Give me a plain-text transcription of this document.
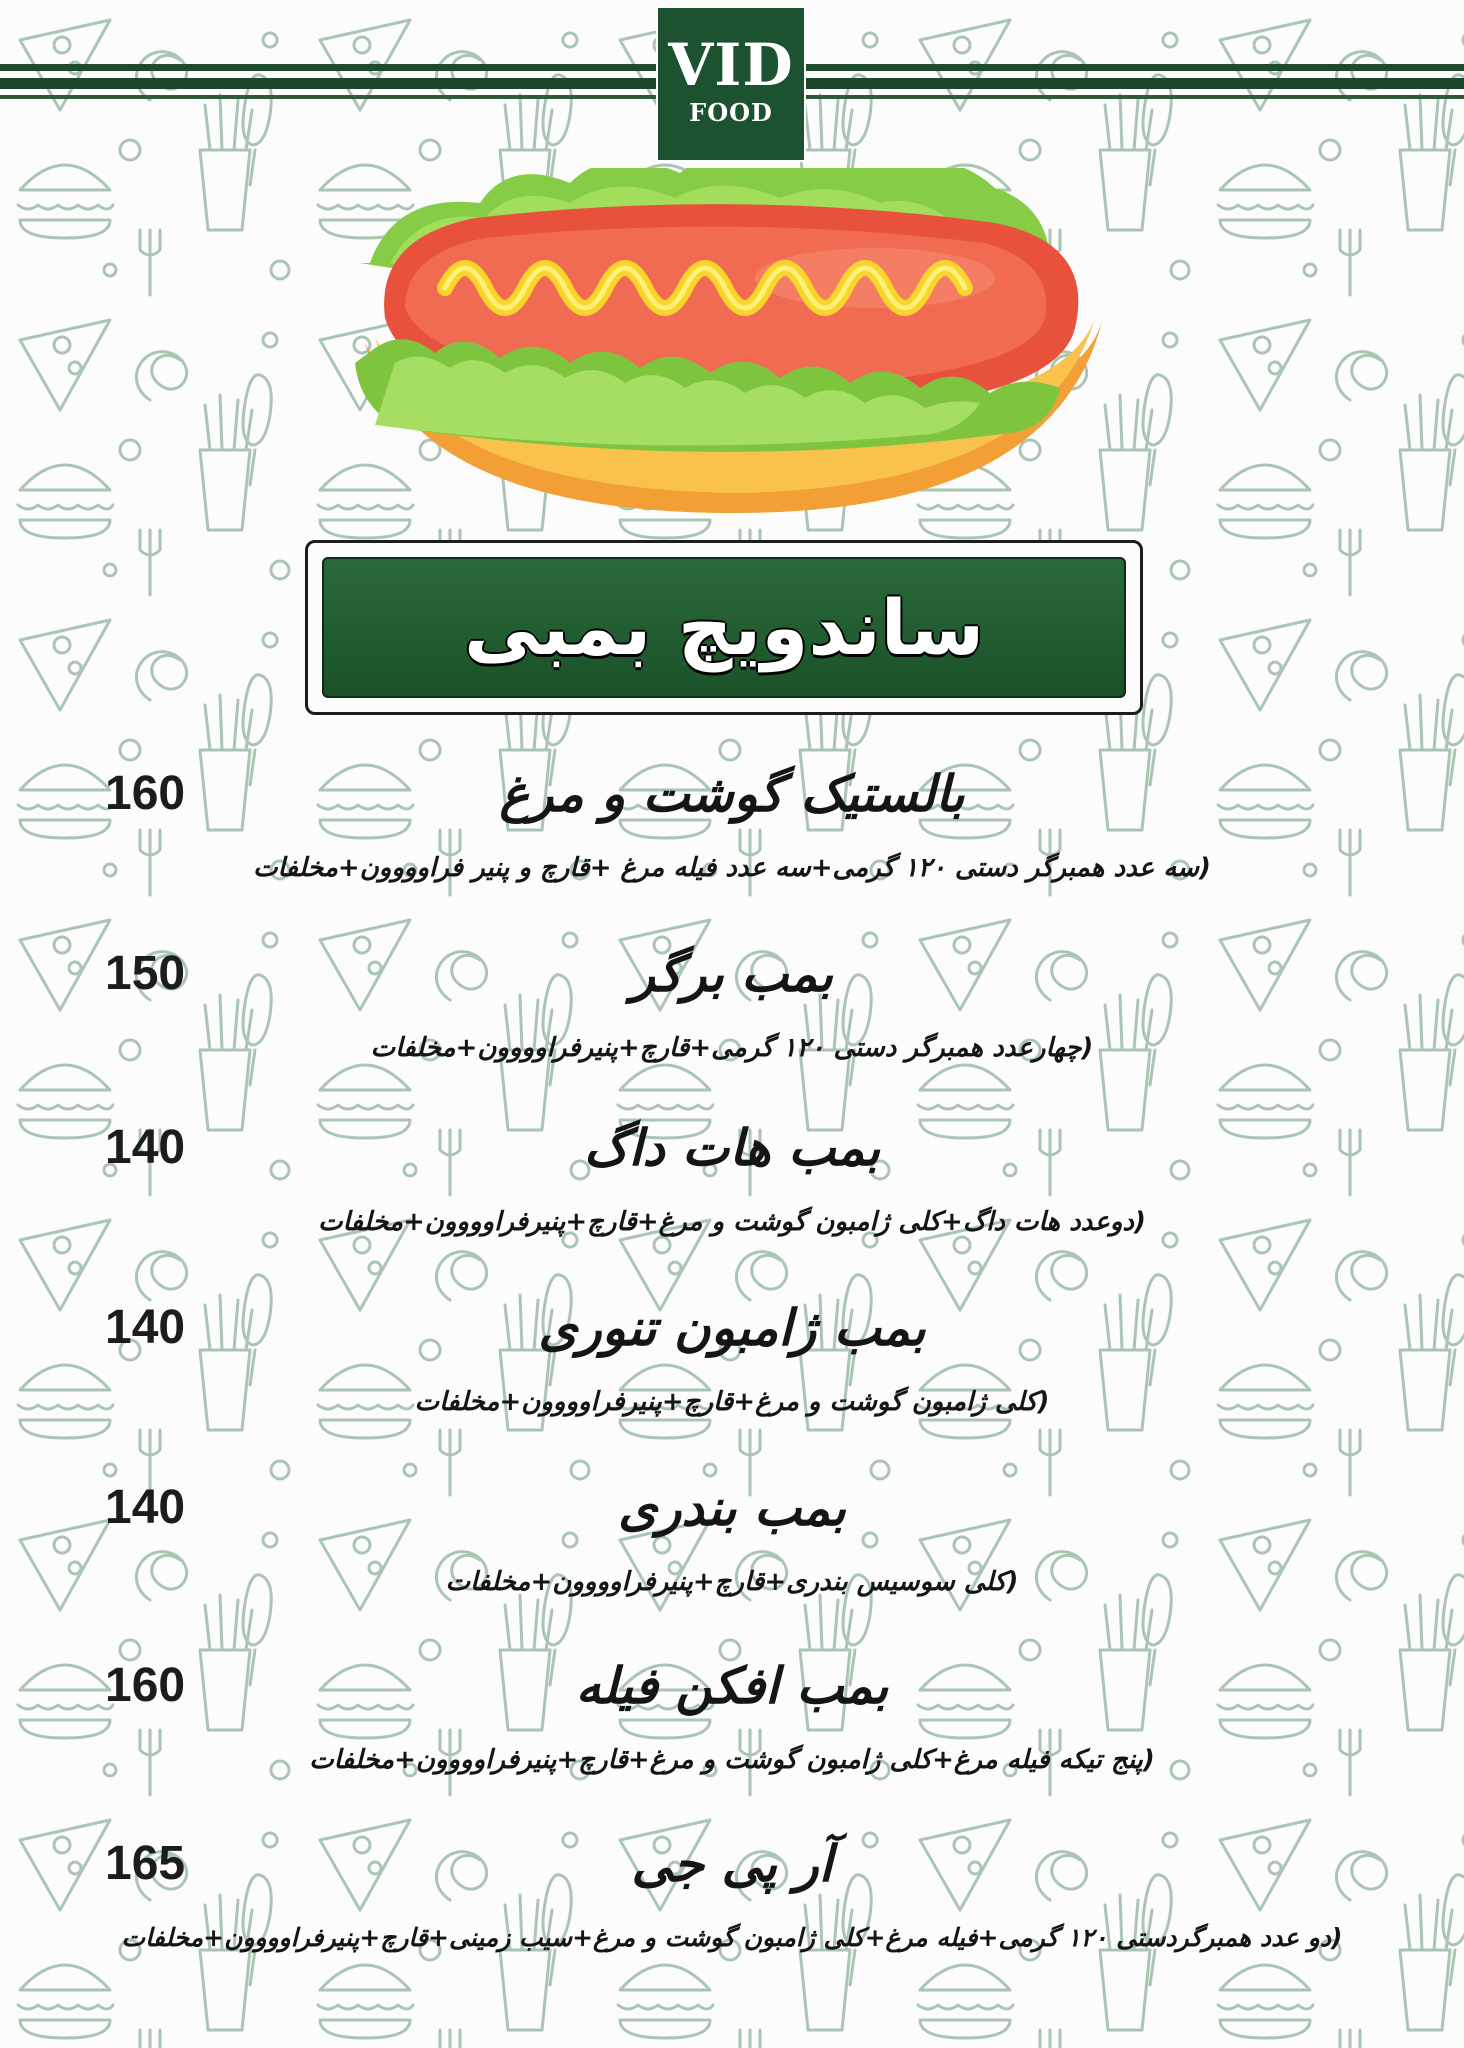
VID
FOOD
ساندویچ بمبی
160	بالستیک گوشت و مرغ
(سه عدد همبرگر دستی ۱۲۰ گرمی+سه عدد فیله مرغ +قارچ و پنیر فراوووون+مخلفات
150	بمب برگر
(چهارعدد همبرگر دستی ۱۲۰ گرمی+قارچ+پنیرفراوووون+مخلفات
140	بمب هات داگ
(دوعدد هات داگ+کلی ژامبون گوشت و مرغ+قارچ+پنیرفراوووون+مخلفات
140	بمب ژامبون تنوری
(کلی ژامبون گوشت و مرغ+قارچ+پنیرفراوووون+مخلفات
140	بمب بندری
(کلی سوسیس بندری+قارچ+پنیرفراوووون+مخلفات
160	بمب افکن فیله
(پنج تیکه فیله مرغ+کلی ژامبون گوشت و مرغ+قارچ+پنیرفراوووون+مخلفات
165	آر پی جی
(دو عدد همبرگردستی ۱۲۰ گرمی+فیله مرغ+کلی ژامبون گوشت و مرغ+سیب زمینی+قارچ+پنیرفراوووون+مخلفات
